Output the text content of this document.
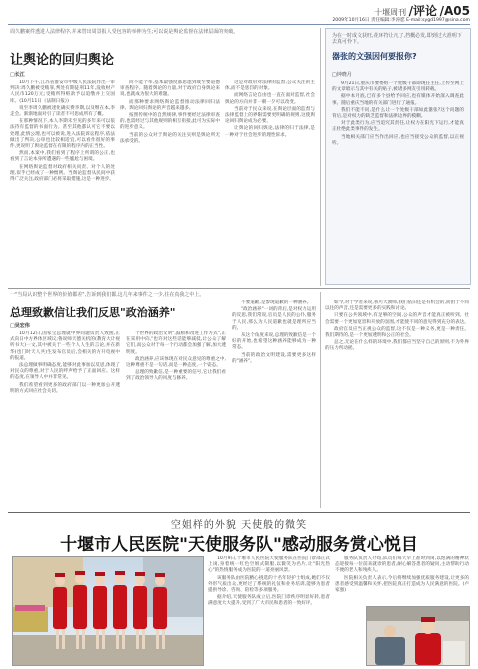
十堰周刊 /评论 /A05
2009年10月16日 责任编辑:李涛愿 E-mail:sygd1997@sina.com
周久鹏案件透进人法律程序,并来替出周景报人受包容的举伸为生;可以说是舆论监督在法律层面的突破。
让舆论的回归舆论
□长江

10月下午,江苏省淮安市中级人民法院作出一审判决:周久鹏被受贿罪,判处有期徒刑11年,没收财产人民币120万元;受贿所得赃款予以追缴并上交国库。(10月11日《法制日报》)

说至李周久鹏被逮化确实费李期,以及继在本,李走会。渐渐地面对引了读者不可思成所有了概。

在那种情况下,本人李期未至见的多年来可以依法待有监督的书面行为。甚至其他都认可它不要以处理,此情公理,也可以被说,进入法院诉讼程序,依法做出了判决,公审也比较相适宜,可以看作很好的事件,更说明了舆论监督在有限的程序内的正当性。

然而,本案中,我们看到了程序上所谓的公正,也看到了言论本身所遭遇的一些尴尬与困境。

在网络舆论监督对政府相关问责、对个人的处理,似乎已经成了一种惯例。当舆论监督从民间中获得广泛关注,政府部门必将采取措施,这是一种进步。

同不能个举,基本最强度都思虑到或至要道德审查程序。随着舆论的力量,对于政府自身舆论来说,也就成为很大的难题。

而那种要求网络舆论监督推动法律回归法律、舆论回归舆论的声音越来越多。

按照传统中的自然规律,事件要经过法律审查的,也需经过与其他规则的相互衔接,此可为实际中的进步意义。

当前的公众对于舆论的关注实则是舆论所无法承受的。

这是对政府对法律的监督,公众关注的主体,而不是惩罚的对象。

而网络言论自由也一直在面对监督,社会舆论的方向并非一朝一夕可以改变。

当前对于民众来说,在舆论层面的监督与法律监督上的界限需要更明确的规则,这使舆论回归舆论成为必要。

让舆论的回归舆论,法律的归于法律,是一种对于社会进步的理性诉求。

为在一时成文获旺,花环符让凡了,挡概必发,即到过大准明下去真可怜下。
器张的文强因何要报你?
□钟晓月

9月21日,重庆市要委组一个处级干部即现任主任,上传至网上的文章暗示与其中有关的贴子,被诸多网友引用转载。

据中本月底,已有多个县给予回应,也有媒体开始深入调查此事。随后重庆当地的有关部门进行了通报。

我们不能不问,是什么让一个处级干部如此嚣张?这个问题的背后,是对权力的缺乏监督和法律边界的模糊。

对于此类行为,应当追究其责任,让权力在阳光下运行,才能真正杜绝此类事件的发生。

当地相关部门应当作出回应,也应当接受公众的监督,以正视听。

一"当局认识整个世界的价值都差",告诉到我们都,这几年来事件之一少,往在真我之中上。
总理致歉信让我们反思"政治涵养"
□吴宏伟

10月12日,国家宝总理就中界问题负责人致函,正式向日中方界体区域议;鲁说师天德关机的(教育大计视听书大)一文,其中被关于一些个人人生的言论,并在新华(也门时天人共)生发布官员后,会相关的方开电视中的报道。

法总理做事明确态度,能够对此事加以反思,体现了对民众的尊重,对于人民的呼声给予了正面回应。这样的态度,在领导人中并非常见。

我们希望看到更多的政府部门以一种更加公开透明的方式回应社会关切。

个世界的政治文明",鼓励和改进工作方式",正在采用中向,"也许对这些话能够减低,让公众了解它们,而公众对于每一个行动都会加强了解,加大透明度。

政治涵养,应该体现在对民众意见的尊重之中,这种尊重不是一句话,而是一种态度,一个姿态。

总理的致歉信,是一种重要的信号,它让我们看到了政治领导人的风度与修养。

不要道歉,是参现道歉的一种涵养。

"政治涵养"一词的背后,是对权力运用的反思,我们常说,官员是人民的公仆,服务于人民,那么为人民道歉也就是理所应当的。

从这个角度来说,总理的致歉信是一个好的开始,也希望这种涵养能够成为一种常态。

当前的政治文明建设,需要更多这样的"涵养"。

如今,对于学者来说,我可大教师,我们依旧还是有机会的,而由于不同以往的声音,还是需要更多的实践和讨论。

只要在公共领域中,有足够的空间,公众的声音才能真正被听到。社会需要一个更加宽容和开放的氛围,才能使不同的意见得到充分的表达。

政府官员应当正视公众的监督,这不仅是一种义务,更是一种责任。我们期待的,是一个更加透明和公正的社会。

总之,无论在什么样的环境中,我们都应当坚守自己的原则,不为外界的压力所动摇。

空姐样的外貌 天使般的微笑
十堰市人民医院"天使服务队"感动服务赏心悦目

10月9日,十堰市人民医院天使服务队在医院门诊部正式上岗,身着统一红色空姐式制服,以微笑为名片,让"阳光热心"的热情服务成为医院的一道亮丽风景。

该服务队由医院精心挑选的十名年轻护士组成,她们不仅外形气质出众,更经过了系统的礼仪和业务培训,能够为患者提供导诊、咨询、陪检等多项服务。

据介绍,天使服务队成立后,医院门诊秩序明显好转,患者满意度大大提升,受到了广大市民和患者的一致好评。

服务队负责人介绍,队员们每天早上准时到岗,以饱满的精神状态迎接每一位前来就诊的患者,耐心解答患者的疑问,主动帮助行动不便的老人和残疾人。

医院相关负责人表示,今后将继续加强优质服务建设,让更多的患者感受到温馨和关怀,把医院真正打造成为人民满意的医院。(卢家强)
